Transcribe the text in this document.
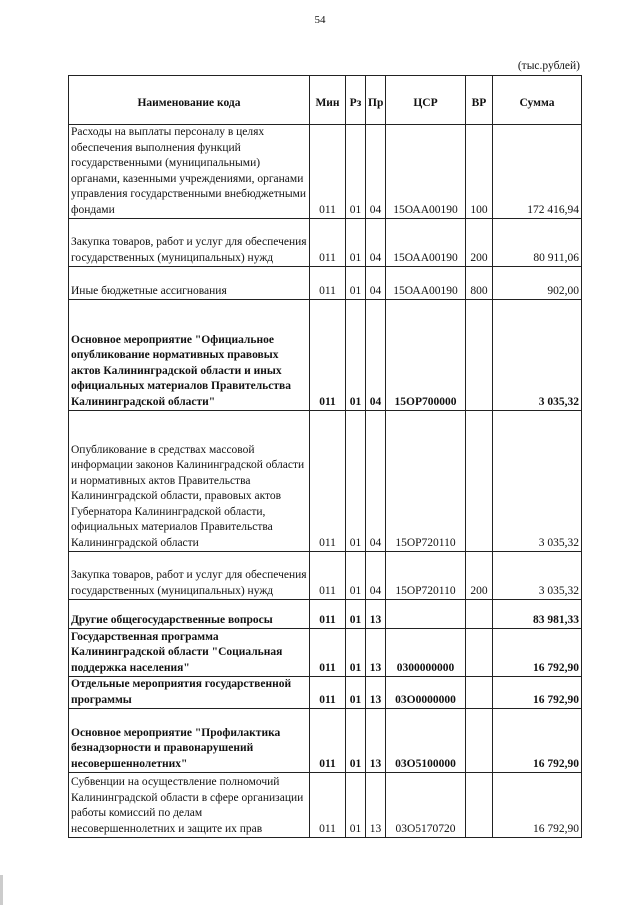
54
(тыс.рублей)
Наименование кода	Мин	Рз	Пр	ЦСР	ВР	Сумма
Расходы на выплаты персоналу в целях обеспечения выполнения функций государственными (муниципальными) органами, казенными учреждениями, органами управления государственными внебюджетными фондами	011	01	04	15ОАА00190	100	172 416,94
Закупка товаров, работ и услуг для обеспечения государственных (муниципальных) нужд	011	01	04	15ОАА00190	200	80 911,06
Иные бюджетные ассигнования	011	01	04	15ОАА00190	800	902,00
Основное мероприятие "Официальное опубликование нормативных правовых актов Калининградской области и иных официальных материалов Правительства Калининградской области"	011	01	04	15ОР700000		3 035,32
Опубликование в средствах массовой информации законов Калининградской области и нормативных актов Правительства Калининградской области, правовых актов Губернатора Калининградской области, официальных материалов Правительства Калининградской области	011	01	04	15ОР720110		3 035,32
Закупка товаров, работ и услуг для обеспечения государственных (муниципальных) нужд	011	01	04	15ОР720110	200	3 035,32
Другие общегосударственные вопросы	011	01	13			83 981,33
Государственная программа Калининградской области "Социальная поддержка населения"	011	01	13	0300000000		16 792,90
Отдельные мероприятия государственной программы	011	01	13	03О0000000		16 792,90
Основное мероприятие "Профилактика безнадзорности и правонарушений несовершеннолетних"	011	01	13	03О5100000		16 792,90
Субвенции на осуществление полномочий Калининградской области в сфере организации работы комиссий по делам несовершеннолетних и защите их прав	011	01	13	03О5170720		16 792,90
